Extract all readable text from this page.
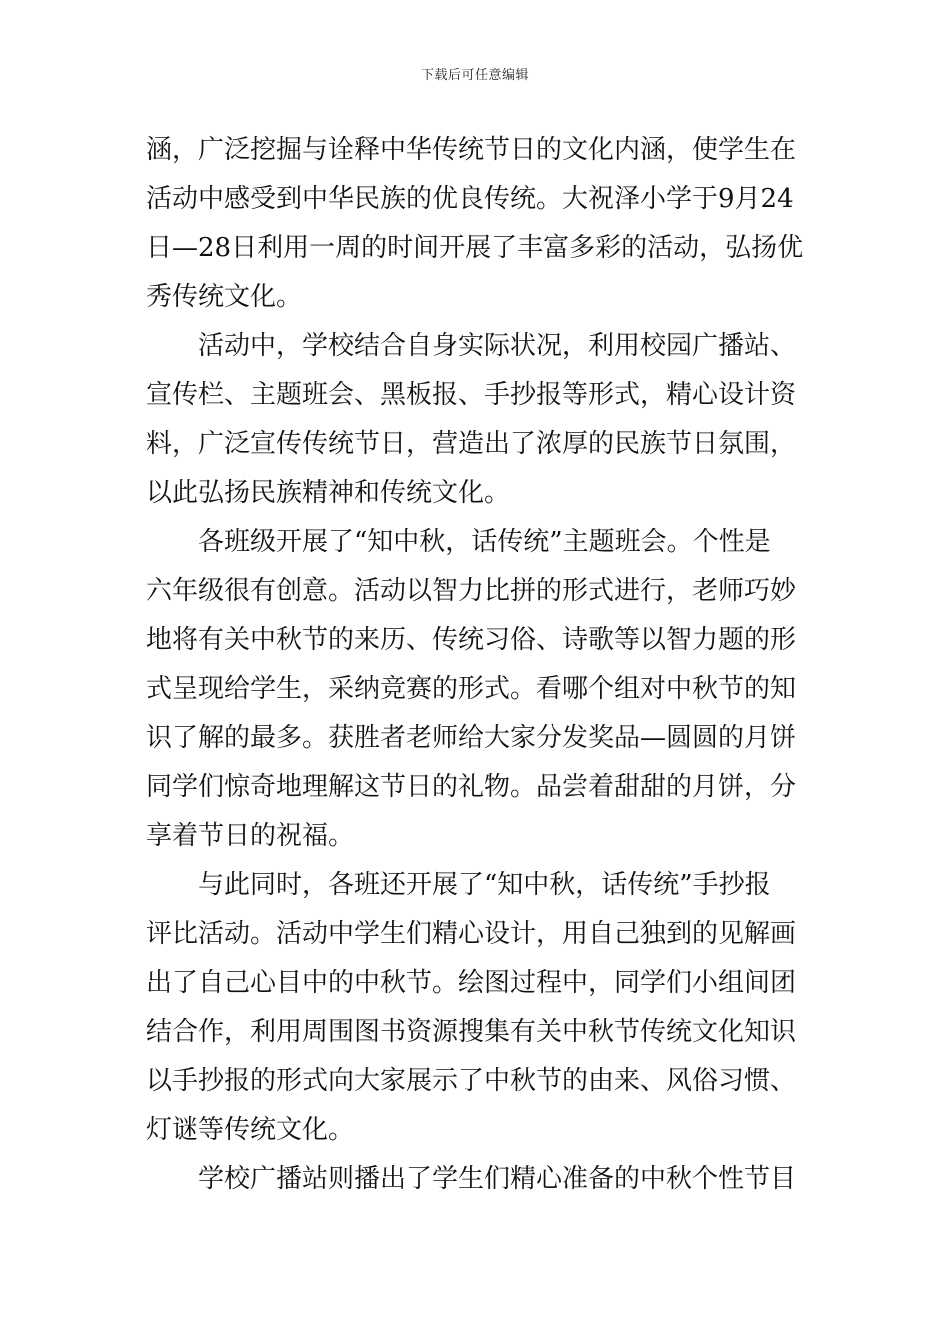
下载后可任意编辑
涵，广泛挖掘与诠释中华传统节日的文化内涵，使学生在
活动中感受到中华民族的优良传统。大祝泽小学于9月24
日—28日利用一周的时间开展了丰富多彩的活动，弘扬优
秀传统文化。
活动中，学校结合自身实际状况，利用校园广播站、
宣传栏、主题班会、黑板报、手抄报等形式，精心设计资
料，广泛宣传传统节日，营造出了浓厚的民族节日氛围，
以此弘扬民族精神和传统文化。
各班级开展了“知中秋，话传统”主题班会。个性是
六年级很有创意。活动以智力比拼的形式进行，老师巧妙
地将有关中秋节的来历、传统习俗、诗歌等以智力题的形
式呈现给学生，采纳竞赛的形式。看哪个组对中秋节的知
识了解的最多。获胜者老师给大家分发奖品—圆圆的月饼
同学们惊奇地理解这节日的礼物。品尝着甜甜的月饼，分
享着节日的祝福。
与此同时，各班还开展了“知中秋，话传统”手抄报
评比活动。活动中学生们精心设计，用自己独到的见解画
出了自己心目中的中秋节。绘图过程中，同学们小组间团
结合作，利用周围图书资源搜集有关中秋节传统文化知识
以手抄报的形式向大家展示了中秋节的由来、风俗习惯、
灯谜等传统文化。
学校广播站则播出了学生们精心准备的中秋个性节目
